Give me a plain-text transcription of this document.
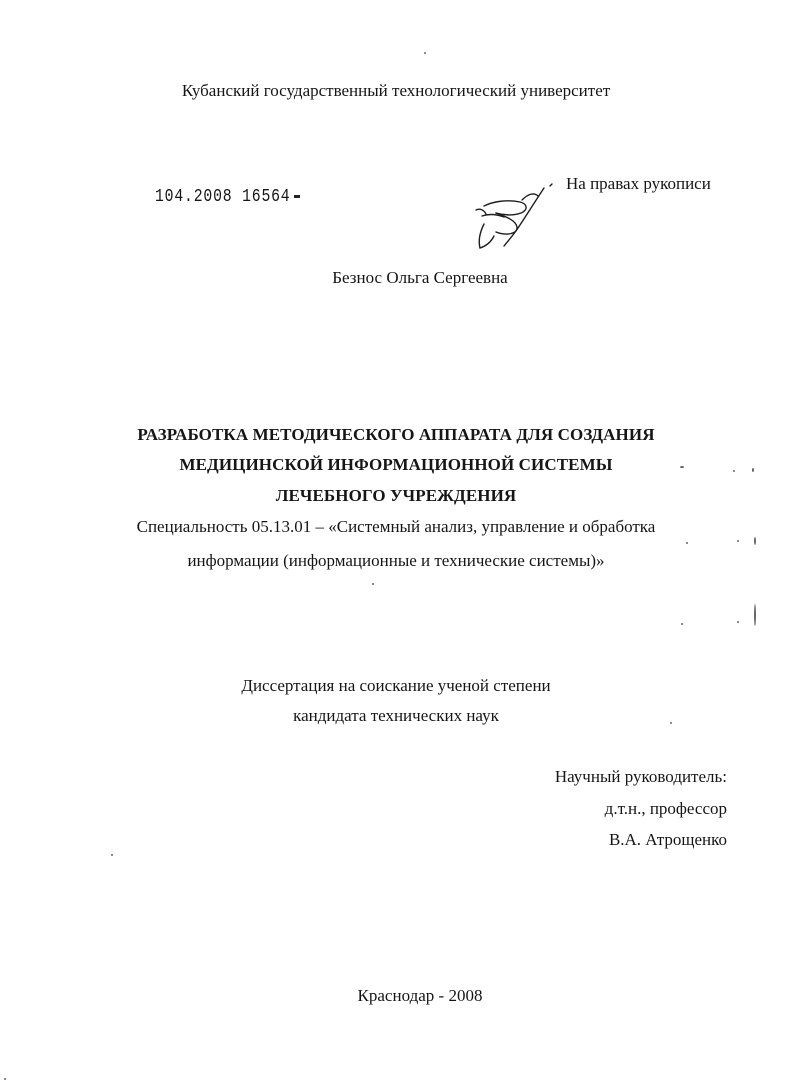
Кубанский государственный технологический университет
104.2008 16564
На правах рукописи
Безнос Ольга Сергеевна
РАЗРАБОТКА МЕТОДИЧЕСКОГО АППАРАТА ДЛЯ СОЗДАНИЯ
МЕДИЦИНСКОЙ ИНФОРМАЦИОННОЙ СИСТЕМЫ
ЛЕЧЕБНОГО УЧРЕЖДЕНИЯ
Специальность 05.13.01 – «Системный анализ, управление и обработка
информации (информационные и технические системы)»
Диссертация на соискание ученой степени
кандидата технических наук
Научный руководитель:
д.т.н., профессор
В.А. Атрощенко
Краснодар - 2008
